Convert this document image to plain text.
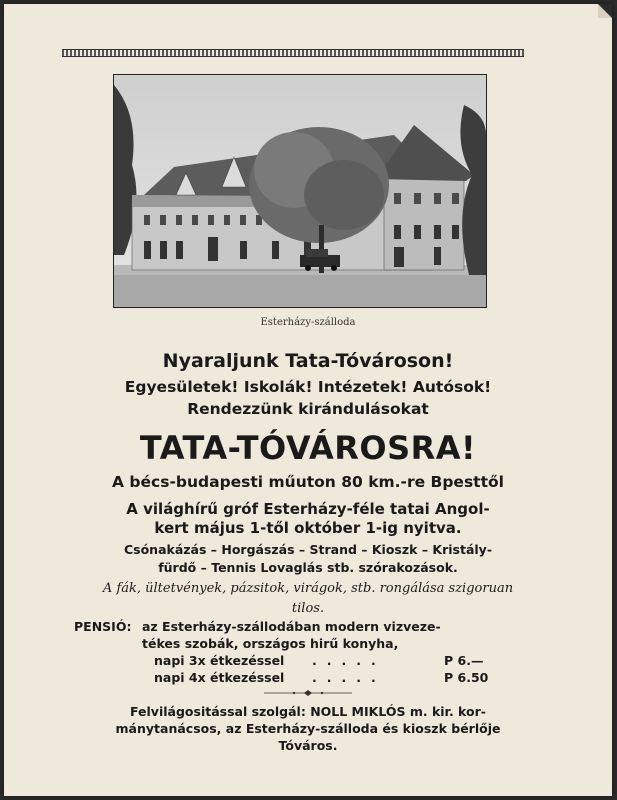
Esterházy-szálloda
Nyaraljunk Tata-Tóvároson!
Egyesületek! Iskolák! Intézetek! Autósok!
Rendezzünk kirándulásokat
TATA-TÓVÁROSRA!
A bécs-budapesti műuton 80 km.-re Bpesttől
A világhírű gróf Esterházy-féle tatai Angol-
kert május 1-től október 1-ig nyitva.
Csónakázás – Horgászás – Strand – Kioszk – Kristály-
fürdő – Tennis Lovaglás stb. szórakozások.
A fák, ültetvények, pázsitok, virágok, stb. rongálása szigoruan
tilos.
PENSIÓ: az Esterházy-szállodában modern vizveze-
tékes szobák, országos hirű konyha,
napi 3x étkezéssel .....	P 6.—
napi 4x étkezéssel .....	P 6.50
Felvilágositással szolgál: NOLL MIKLÓS m. kir. kor-
mánytanácsos, az Esterházy-szálloda és kioszk bérlője
Tóváros.
